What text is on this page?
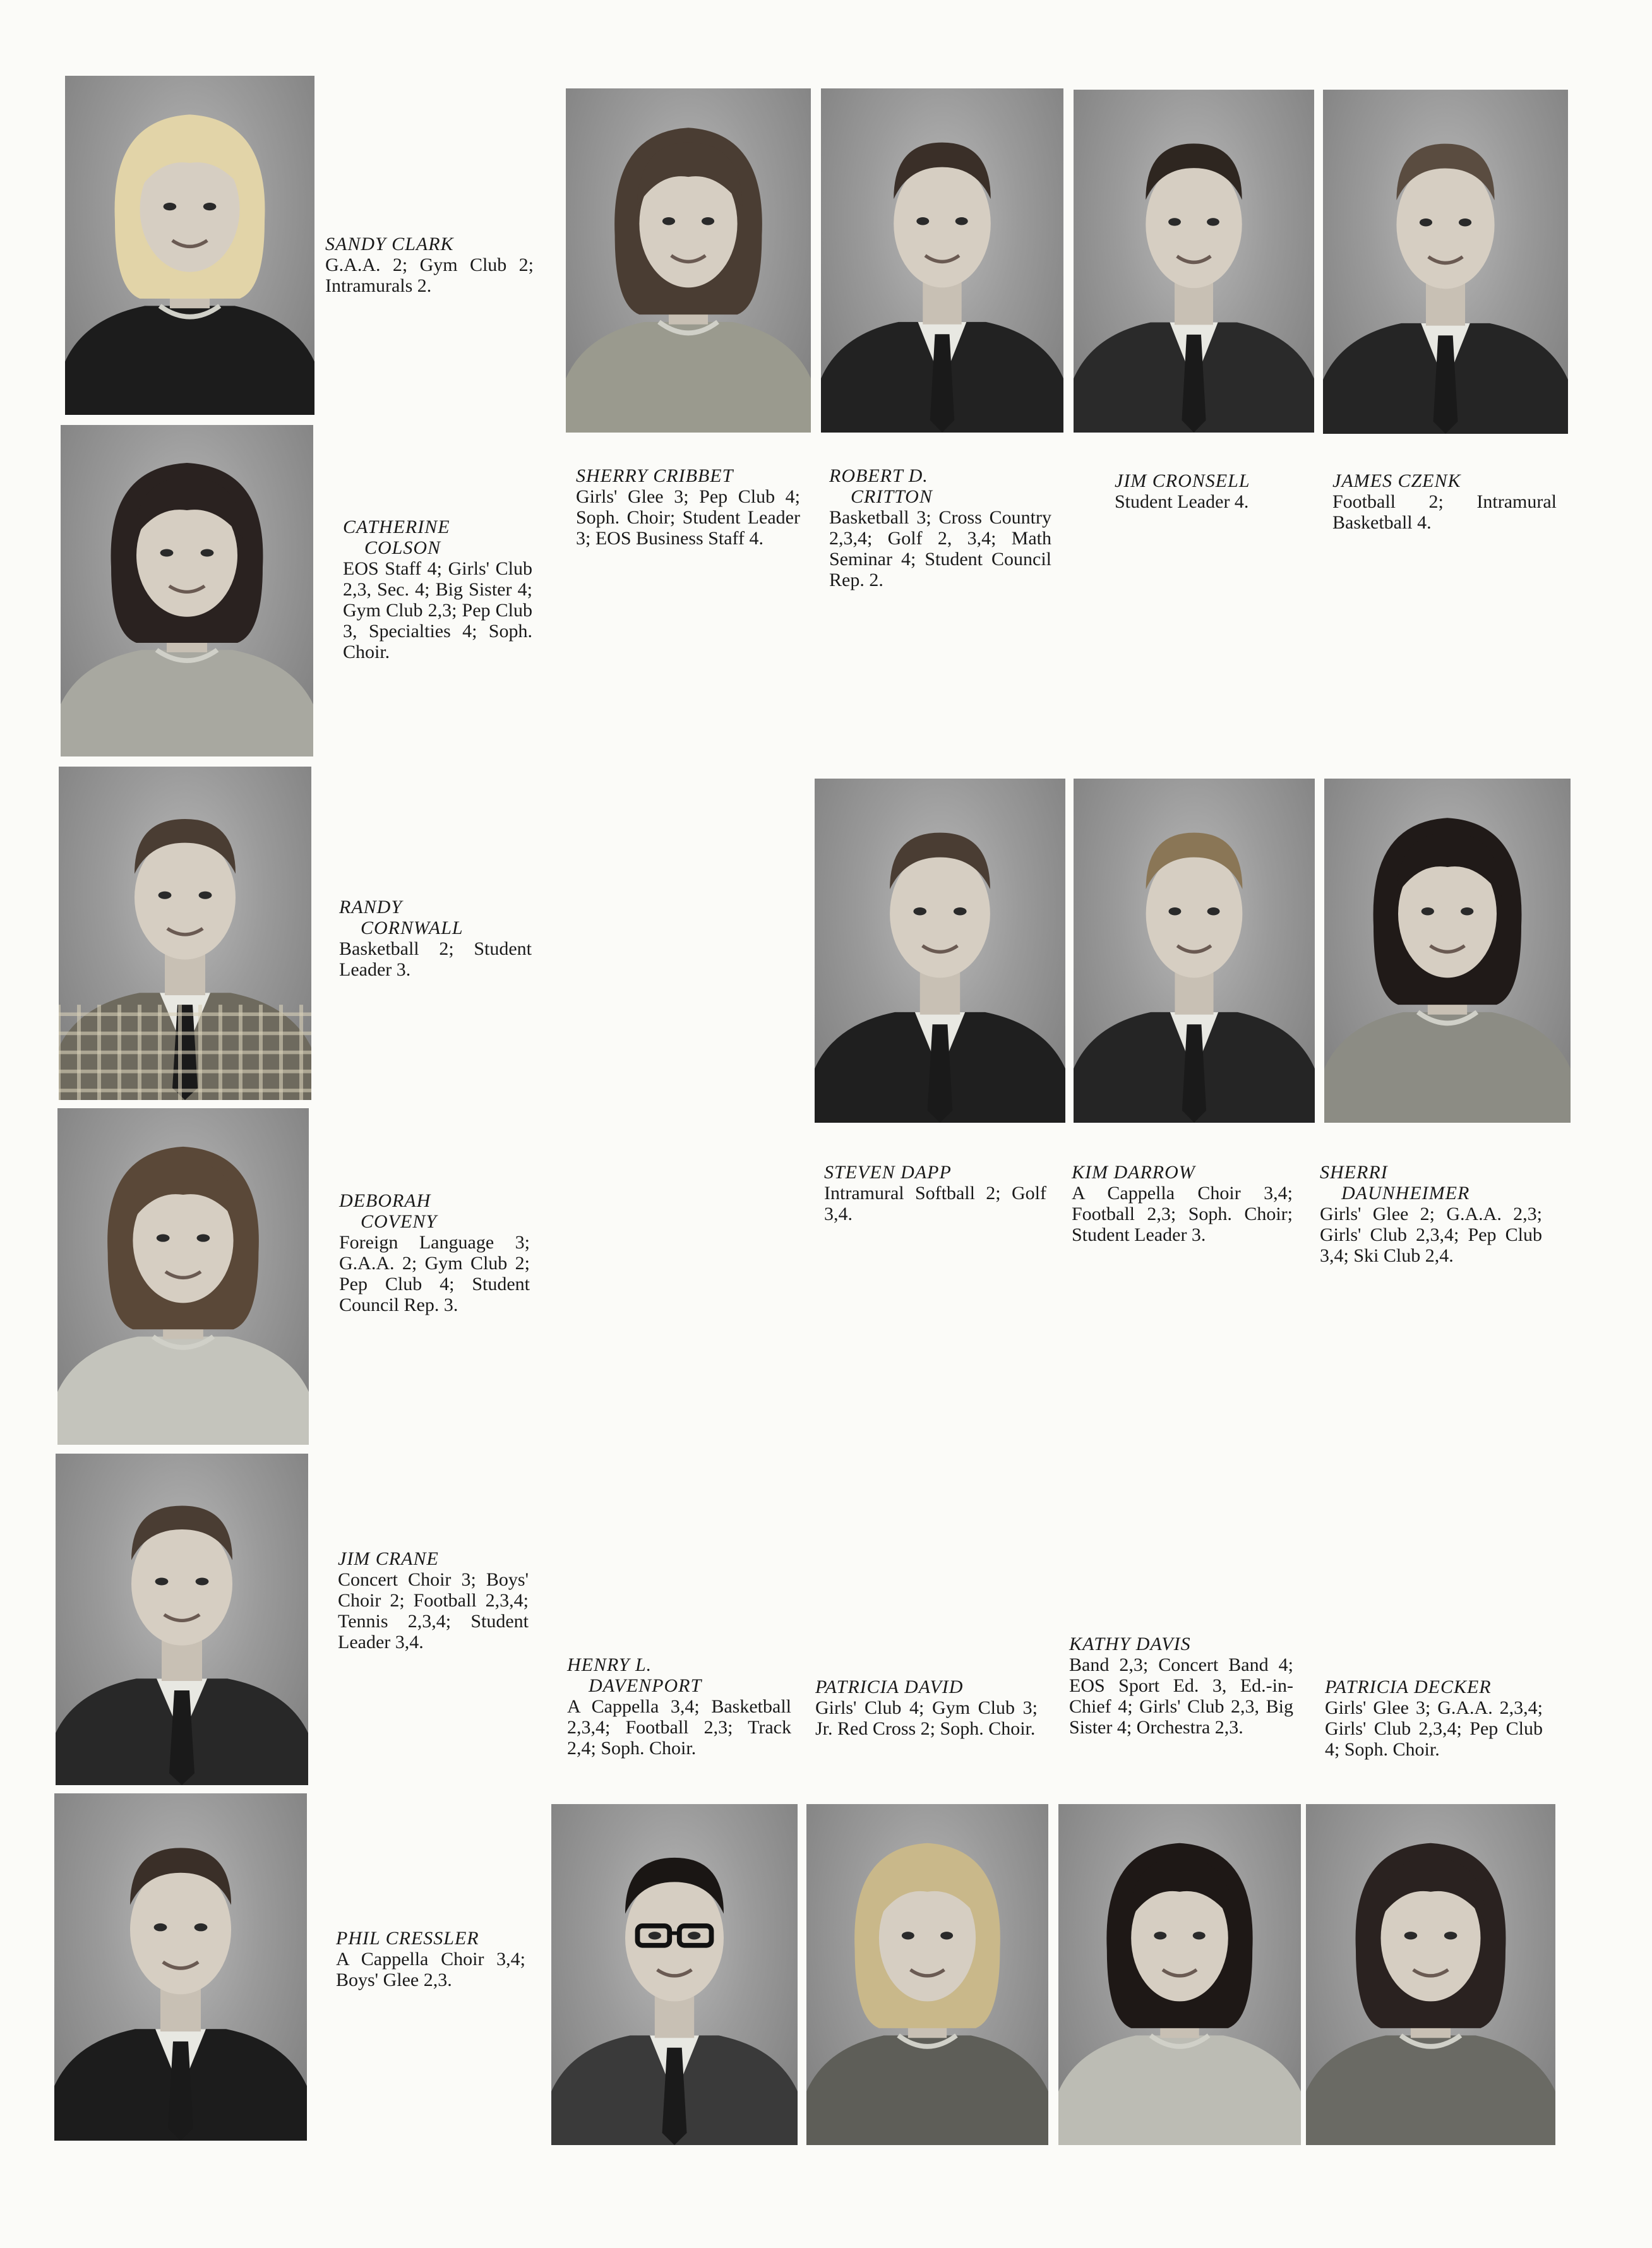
SANDY CLARK
G.A.A. 2; Gym Club 2; Intramurals 2.
SHERRY CRIBBET
Girls' Glee 3; Pep Club 4; Soph. Choir; Student Leader 3; EOS Business Staff 4.
ROBERT D.
CRITTON
Basketball 3; Cross Country 2,3,4; Golf 2, 3,4; Math Seminar 4; Student Council Rep. 2.
JIM CRONSELL
Student Leader 4.
JAMES CZENK
Football 2; Intramural Basketball 4.
CATHERINE
COLSON
EOS Staff 4; Girls' Club 2,3, Sec. 4; Big Sister 4; Gym Club 2,3; Pep Club 3, Specialties 4; Soph. Choir.
RANDY
CORNWALL
Basketball 2; Student Leader 3.
STEVEN DAPP
Intramural Softball 2; Golf 3,4.
KIM DARROW
A Cappella Choir 3,4; Football 2,3; Soph. Choir; Student Leader 3.
SHERRI
DAUNHEIMER
Girls' Glee 2; G.A.A. 2,3; Girls' Club 2,3,4; Pep Club 3,4; Ski Club 2,4.
DEBORAH
COVENY
Foreign Language 3; G.A.A. 2; Gym Club 2; Pep Club 4; Student Council Rep. 3.
JIM CRANE
Concert Choir 3; Boys' Choir 2; Football 2,3,4; Tennis 2,3,4; Student Leader 3,4.
HENRY L.
DAVENPORT
A Cappella 3,4; Basketball 2,3,4; Football 2,3; Track 2,4; Soph. Choir.
PATRICIA DAVID
Girls' Club 4; Gym Club 3; Jr. Red Cross 2; Soph. Choir.
KATHY DAVIS
Band 2,3; Concert Band 4; EOS Sport Ed. 3, Ed.-in-Chief 4; Girls' Club 2,3, Big Sister 4; Orchestra 2,3.
PATRICIA DECKER
Girls' Glee 3; G.A.A. 2,3,4; Girls' Club 2,3,4; Pep Club 4; Soph. Choir.
PHIL CRESSLER
A Cappella Choir 3,4; Boys' Glee 2,3.
